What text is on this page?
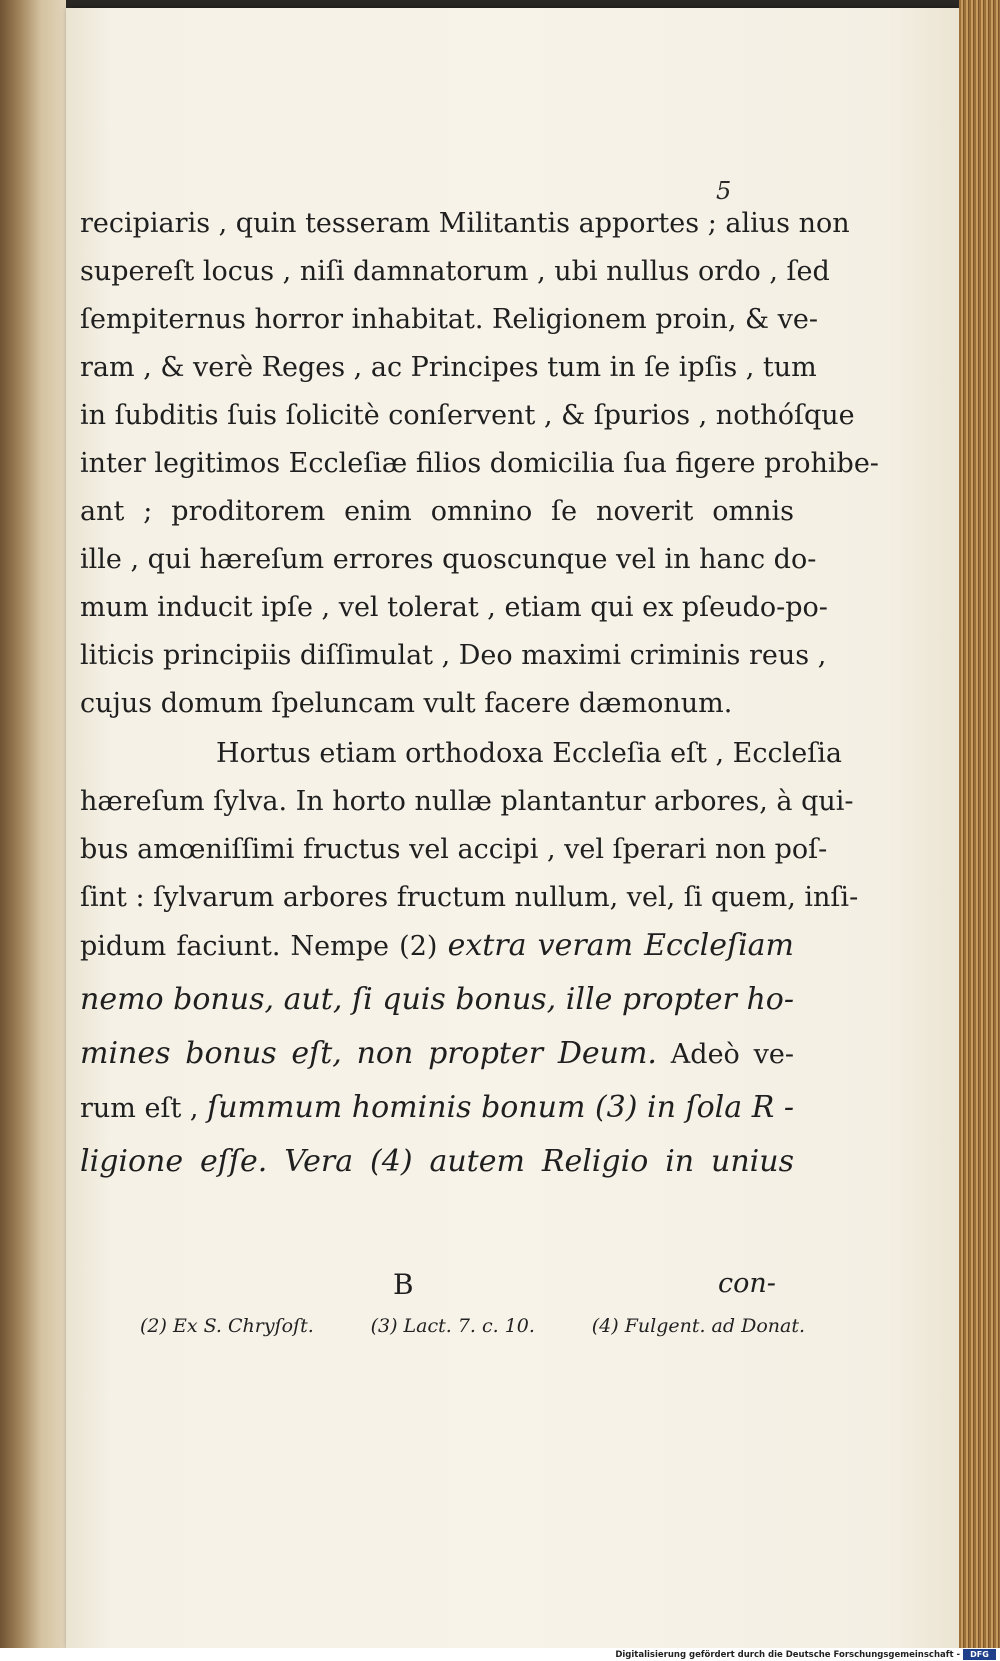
5
recipiaris , quin tesseram Militantis apportes ; alius non
supereſt locus , niſi damnatorum , ubi nullus ordo , ſed
ſempiternus horror inhabitat. Religionem proin, & ve-
ram , & verè Reges , ac Principes tum in ſe ipſis , tum
in ſubditis ſuis ſolicitè conſervent , & ſpurios , nothóſque
inter legitimos Eccleſiæ filios domicilia ſua figere prohibe-
ant ; proditorem enim omnino ſe noverit omnis
ille , qui hæreſum errores quoscunque vel in hanc do-
mum inducit ipſe , vel tolerat , etiam qui ex pſeudo-po-
liticis principiis diſſimulat , Deo maximi criminis reus ,
cujus domum ſpeluncam vult facere dæmonum.
Hortus etiam orthodoxa Eccleſia eſt , Eccleſia
hæreſum ſylva. In horto nullæ plantantur arbores, à qui-
bus amœniſſimi fructus vel accipi , vel ſperari non poſ-
ſint : ſylvarum arbores fructum nullum, vel, ſi quem, inſi-
pidum faciunt. Nempe (2) extra veram Eccleſiam
nemo bonus, aut, ſi quis bonus, ille propter ho-
mines bonus eſt, non propter Deum. Adeò ve-
rum eſt , ſummum hominis bonum (3) in ſola R -
ligione eſſe. Vera (4) autem Religio in unius
B	con-
(2) Ex S. Chryſoſt.	(3) Lact. 7. c. 10.	(4) Fulgent. ad Donat.
Digitalisierung gefördert durch die Deutsche Forschungsgemeinschaft -	DFG
